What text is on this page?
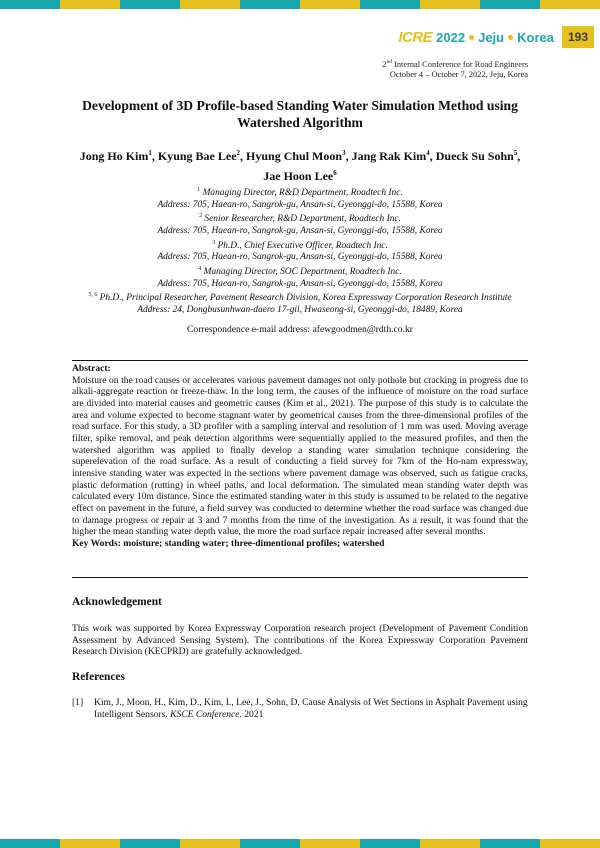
ICRE 2022 Jeju Korea	193
2nd Internal Conference for Road Engineers
October 4 – October 7, 2022, Jeju, Korea
Development of 3D Profile-based Standing Water Simulation Method using Watershed Algorithm
Jong Ho Kim$^1$, Kyung Bae Lee$^2$, Hyung Chul Moon$^3$, Jang Rak Kim$^4$, Dueck Su Sohn$^5$,
Jae Hoon Lee$^6$
$^1$ Managing Director, R&D Department, Roadtech Inc.
Address: 705, Haean-ro, Sangrok-gu, Ansan-si, Gyeonggi-do, 15588, Korea
$^2$ Senior Researcher, R&D Department, Roadtech Inc.
Address: 705, Haean-ro, Sangrok-gu, Ansan-si, Gyeonggi-do, 15588, Korea
$^3$ Ph.D., Chief Executive Officer, Roadtech Inc.
Address: 705, Haean-ro, Sangrok-gu, Ansan-si, Gyeonggi-do, 15588, Korea
$^4$ Managing Director, SOC Department, Roadtech Inc.
Address: 705, Haean-ro, Sangrok-gu, Ansan-si, Gyeonggi-do, 15588, Korea
$^{5, 6}$ Ph.D., Principal Researcher, Pavement Research Division, Korea Expressway Corporation Research Institute
Address: 24, Dongbusunhwan-daero 17-gil, Hwaseong-si, Gyeonggi-do, 18489, Korea
Correspondence e-mail address: afewgoodmen@rdth.co.kr
Abstract:
Moisture on the road causes or accelerates various pavement damages not only pothole but cracking in progress due to alkali-aggregate reaction or freeze-thaw. In the long term, the causes of the influence of moisture on the road surface are divided into material causes and geometric causes (Kim et al., 2021). The purpose of this study is to calculate the area and volume expected to become stagnant water by geometrical causes from the three-dimensional profiles of the road surface. For this study, a 3D profiler with a sampling interval and resolution of 1 mm was used. Moving average filter, spike removal, and peak detection algorithms were sequentially applied to the measured profiles, and then the watershed algorithm was applied to finally develop a standing water simulation technique considering the superelevation of the road surface. As a result of conducting a field survey for 7km of the Ho-nam expressway, intensive standing water was expected in the sections where pavement damage was observed, such as fatigue cracks, plastic deformation (rutting) in wheel paths, and local deformation. The simulated mean standing water depth was calculated every 10m distance. Since the estimated standing water in this study is assumed to be related to the negative effect on pavement in the future, a field survey was conducted to determine whether the road surface was changed due to damage progress or repair at 3 and 7 months from the time of the investigation. As a result, it was found that the higher the mean standing water depth value, the more the road surface repair increased after several months.
Key Words: moisture; standing water; three-dimentional profiles; watershed
Acknowledgement
This work was supported by Korea Expressway Corporation research project (Development of Pavement Condition Assessment by Advanced Sensing System). The contributions of the Korea Expressway Corporation Pavement Research Division (KECPRD) are gratefully acknowledged.
References
[1]	Kim, J., Moon, H., Kim, D., Kim, I., Lee, J., Sohn, D. Cause Analysis of Wet Sections in Asphalt Pavement using Intelligent Sensors. KSCE Conference. 2021
